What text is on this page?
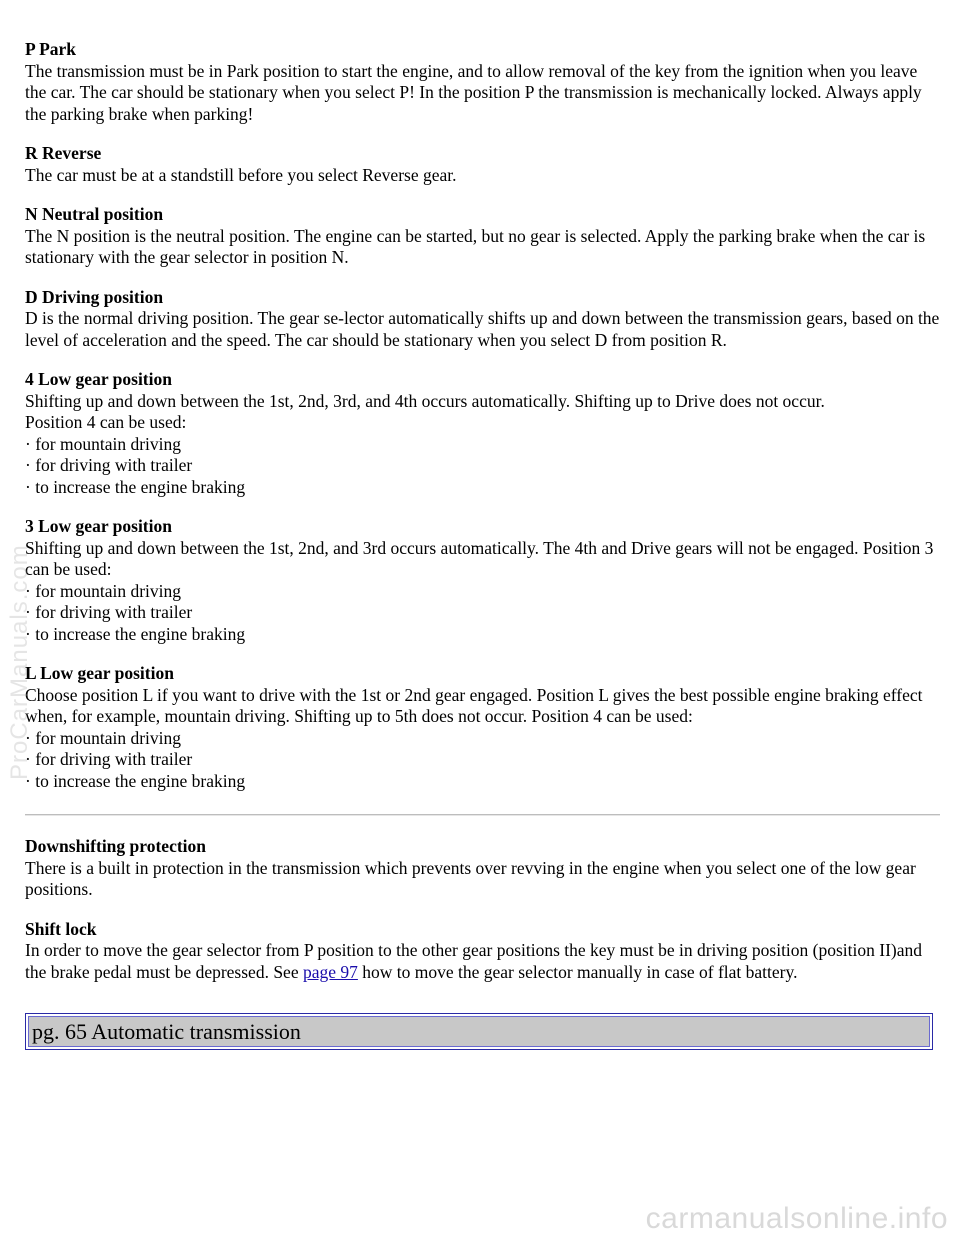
P Park

The transmission must be in Park position to start the engine, and to allow removal of the key from the ignition when you leave the car. The car should be stationary when you select P! In the position P the transmission is mechanically locked. Always apply the parking brake when parking!

R Reverse

The car must be at a standstill before you select Reverse gear.

N Neutral position

The N position is the neutral position. The engine can be started, but no gear is selected. Apply the parking brake when the car is stationary with the gear selector in position N.

D Driving position

D is the normal driving position. The gear se-lector automatically shifts up and down between the transmission gears, based on the level of acceleration and the speed. The car should be stationary when you select D from position R.

4 Low gear position

Shifting up and down between the 1st, 2nd, 3rd, and 4th occurs automatically. Shifting up to Drive does not occur.

Position 4 can be used:

· for mountain driving

· for driving with trailer

· to increase the engine braking

3 Low gear position

Shifting up and down between the 1st, 2nd, and 3rd occurs automatically. The 4th and Drive gears will not be engaged. Position 3 can be used:

· for mountain driving

· for driving with trailer

· to increase the engine braking

L Low gear position

Choose position L if you want to drive with the 1st or 2nd gear engaged. Position L gives the best possible engine braking effect when, for example, mountain driving. Shifting up to 5th does not occur. Position 4 can be used:

· for mountain driving

· for driving with trailer

· to increase the engine braking

Downshifting protection

There is a built in protection in the transmission which prevents over revving in the engine when you select one of the low gear positions.

Shift lock

In order to move the gear selector from P position to the other gear positions the key must be in driving position (position II)and the brake pedal must be depressed. See page 97 how to move the gear selector manually in case of flat battery.

pg. 65 Automatic transmission
ProCarManuals.com
carmanualsonline.info
